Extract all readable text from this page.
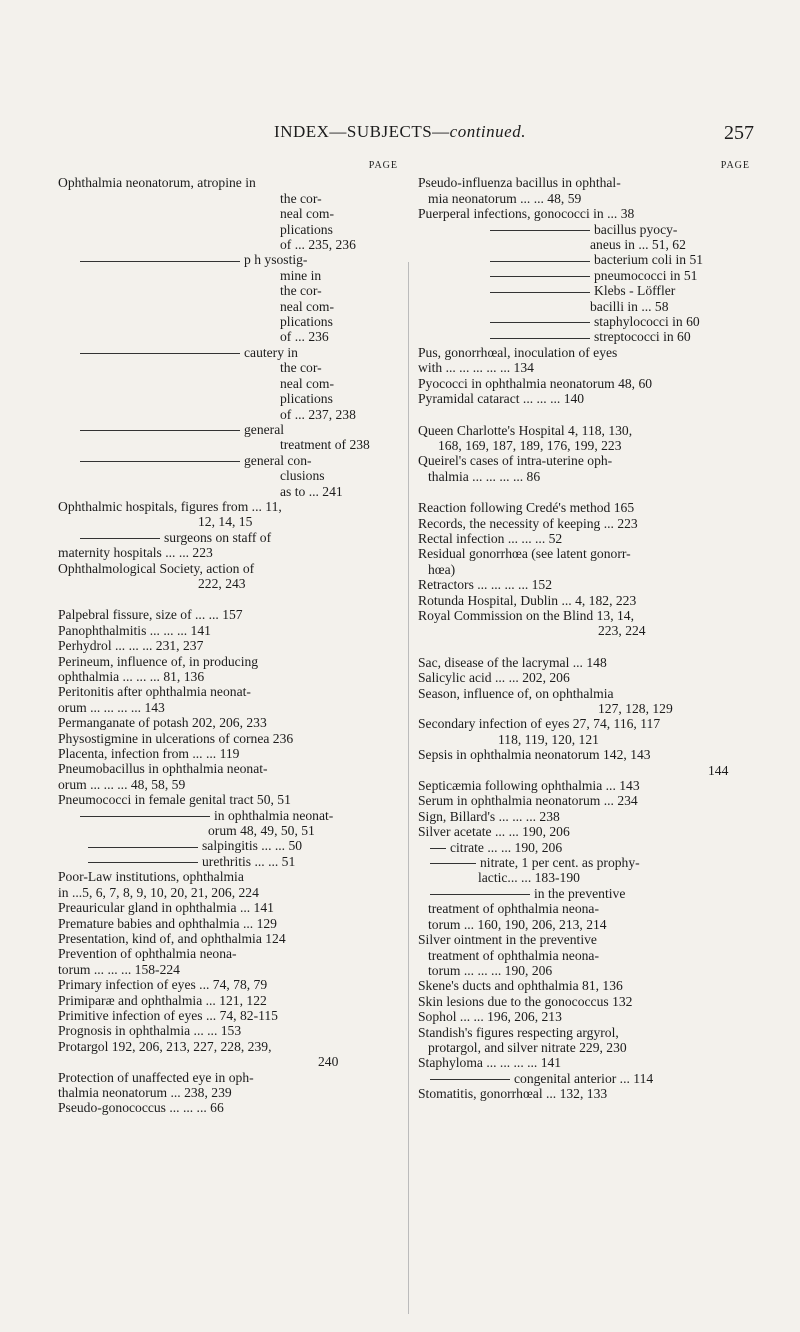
INDEX—SUBJECTS—continued.	257
PAGE
Ophthalmia neonatorum, atropine in
the cor-
neal com-
plications
of ... 235, 236
p h ysostig-
mine in
the cor-
neal com-
plications
of ... 236
cautery in
the cor-
neal com-
plications
of ... 237, 238
general
treatment of 238
general con-
clusions
as to ... 241
Ophthalmic hospitals, figures from ... 11,
12, 14, 15
surgeons on staff of
maternity hospitals ... ... 223
Ophthalmological Society, action of
222, 243
Palpebral fissure, size of ... ... 157
Panophthalmitis ... ... ... 141
Perhydrol ... ... ... 231, 237
Perineum, influence of, in producing
ophthalmia ... ... ... 81, 136
Peritonitis after ophthalmia neonat-
orum ... ... ... ... 143
Permanganate of potash 202, 206, 233
Physostigmine in ulcerations of cornea 236
Placenta, infection from ... ... 119
Pneumobacillus in ophthalmia neonat-
orum ... ... ... 48, 58, 59
Pneumococci in female genital tract 50, 51
in ophthalmia neonat-
orum 48, 49, 50, 51
salpingitis ... ... 50
urethritis ... ... 51
Poor-Law institutions, ophthalmia
in ...5, 6, 7, 8, 9, 10, 20, 21, 206, 224
Preauricular gland in ophthalmia ... 141
Premature babies and ophthalmia ... 129
Presentation, kind of, and ophthalmia 124
Prevention of ophthalmia neona-
torum ... ... ... 158-224
Primary infection of eyes ... 74, 78, 79
Primiparæ and ophthalmia ... 121, 122
Primitive infection of eyes ... 74, 82-115
Prognosis in ophthalmia ... ... 153
Protargol 192, 206, 213, 227, 228, 239,
240
Protection of unaffected eye in oph-
thalmia neonatorum ... 238, 239
Pseudo-gonococcus ... ... ... 66
PAGE
Pseudo-influenza bacillus in ophthal-
mia neonatorum ... ... 48, 59
Puerperal infections, gonococci in ... 38
bacillus pyocy-
aneus in ... 51, 62
bacterium coli in 51
pneumococci in 51
Klebs - Löffler
bacilli in ... 58
staphylococci in 60
streptococci in 60
Pus, gonorrhœal, inoculation of eyes
with ... ... ... ... ... 134
Pyococci in ophthalmia neonatorum 48, 60
Pyramidal cataract ... ... ... 140
Queen Charlotte's Hospital 4, 118, 130,
168, 169, 187, 189, 176, 199, 223
Queirel's cases of intra-uterine oph-
thalmia ... ... ... ... 86
Reaction following Credé's method 165
Records, the necessity of keeping ... 223
Rectal infection ... ... ... 52
Residual gonorrhœa (see latent gonorr-
hœa)
Retractors ... ... ... ... 152
Rotunda Hospital, Dublin ... 4, 182, 223
Royal Commission on the Blind 13, 14,
223, 224
Sac, disease of the lacrymal ... 148
Salicylic acid ... ... 202, 206
Season, influence of, on ophthalmia
127, 128, 129
Secondary infection of eyes 27, 74, 116, 117
118, 119, 120, 121
Sepsis in ophthalmia neonatorum 142, 143
144
Septicæmia following ophthalmia ... 143
Serum in ophthalmia neonatorum ... 234
Sign, Billard's ... ... ... 238
Silver acetate ... ... 190, 206
citrate ... ... 190, 206
nitrate, 1 per cent. as prophy-
lactic... ... 183-190
in the preventive
treatment of ophthalmia neona-
torum ... 160, 190, 206, 213, 214
Silver ointment in the preventive
treatment of ophthalmia neona-
torum ... ... ... 190, 206
Skene's ducts and ophthalmia 81, 136
Skin lesions due to the gonococcus 132
Sophol ... ... 196, 206, 213
Standish's figures respecting argyrol,
protargol, and silver nitrate 229, 230
Staphyloma ... ... ... ... 141
congenital anterior ... 114
Stomatitis, gonorrhœal ... 132, 133
